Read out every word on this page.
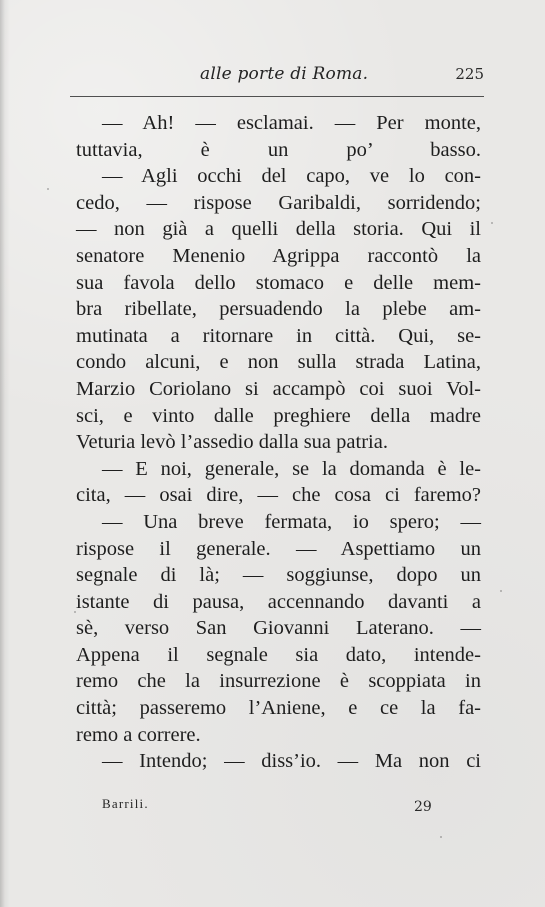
alle porte di Roma.	225
— Ah! — esclamai. — Per monte,
tuttavia, è un po’ basso.
— Agli occhi del capo, ve lo con-
cedo, — rispose Garibaldi, sorridendo;
— non già a quelli della storia. Qui il
senatore Menenio Agrippa raccontò la
sua favola dello stomaco e delle mem-
bra ribellate, persuadendo la plebe am-
mutinata a ritornare in città. Qui, se-
condo alcuni, e non sulla strada Latina,
Marzio Coriolano si accampò coi suoi Vol-
sci, e vinto dalle preghiere della madre
Veturia levò l’assedio dalla sua patria.
— E noi, generale, se la domanda è le-
cita, — osai dire, — che cosa ci faremo?
— Una breve fermata, io spero; —
rispose il generale. — Aspettiamo un
segnale di là; — soggiunse, dopo un
istante di pausa, accennando davanti a
sè, verso San Giovanni Laterano. —
Appena il segnale sia dato, intende-
remo che la insurrezione è scoppiata in
città; passeremo l’Aniene, e ce la fa-
remo a correre.
— Intendo; — diss’io. — Ma non ci
Barrili.	29
